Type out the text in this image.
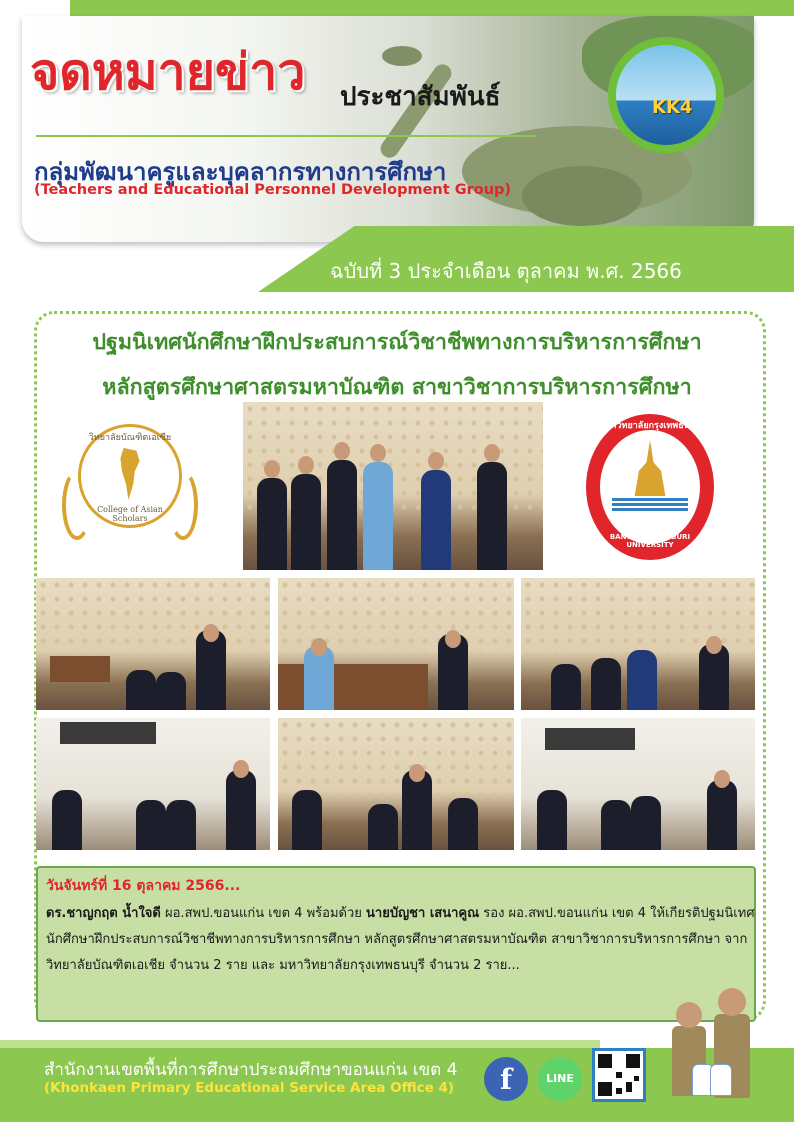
จดหมายข่าว ประชาสัมพันธ์
กลุ่มพัฒนาครูและบุคลากรทางการศึกษา
(Teachers and Educational Personnel Development Group)
KK4
ฉบับที่ 3 ประจำเดือน ตุลาคม พ.ศ. 2566
ปฐมนิเทศนักศึกษาฝึกประสบการณ์วิชาชีพทางการบริหารการศึกษา
หลักสูตรศึกษาศาสตรมหาบัณฑิต สาขาวิชาการบริหารการศึกษา
วิทยาลัยบัณฑิตเอเซีย
College of Asian Scholars
มหาวิทยาลัยกรุงเทพธนบุรี
BANGKOKTHONBURI UNIVERSITY
วันจันทร์ที่ 16 ตุลาคม 2566...
ดร.ชาญกฤต น้ำใจดี ผอ.สพป.ขอนแก่น เขต 4 พร้อมด้วย นายบัญชา เสนาคูณ รอง ผอ.สพป.ขอนแก่น เขต 4 ให้เกียรติปฐมนิเทศนักศึกษาฝึกประสบการณ์วิชาชีพทางการบริหารการศึกษา หลักสูตรศึกษาศาสตรมหาบัณฑิต สาขาวิชาการบริหารการศึกษา จาก วิทยาลัยบัณฑิตเอเชีย จำนวน 2 ราย และ มหาวิทยาลัยกรุงเทพธนบุรี จำนวน 2 ราย...
สำนักงานเขตพื้นที่การศึกษาประถมศึกษาขอนแก่น เขต 4
(Khonkaen Primary Educational Service Area Office 4)	f	LINE
